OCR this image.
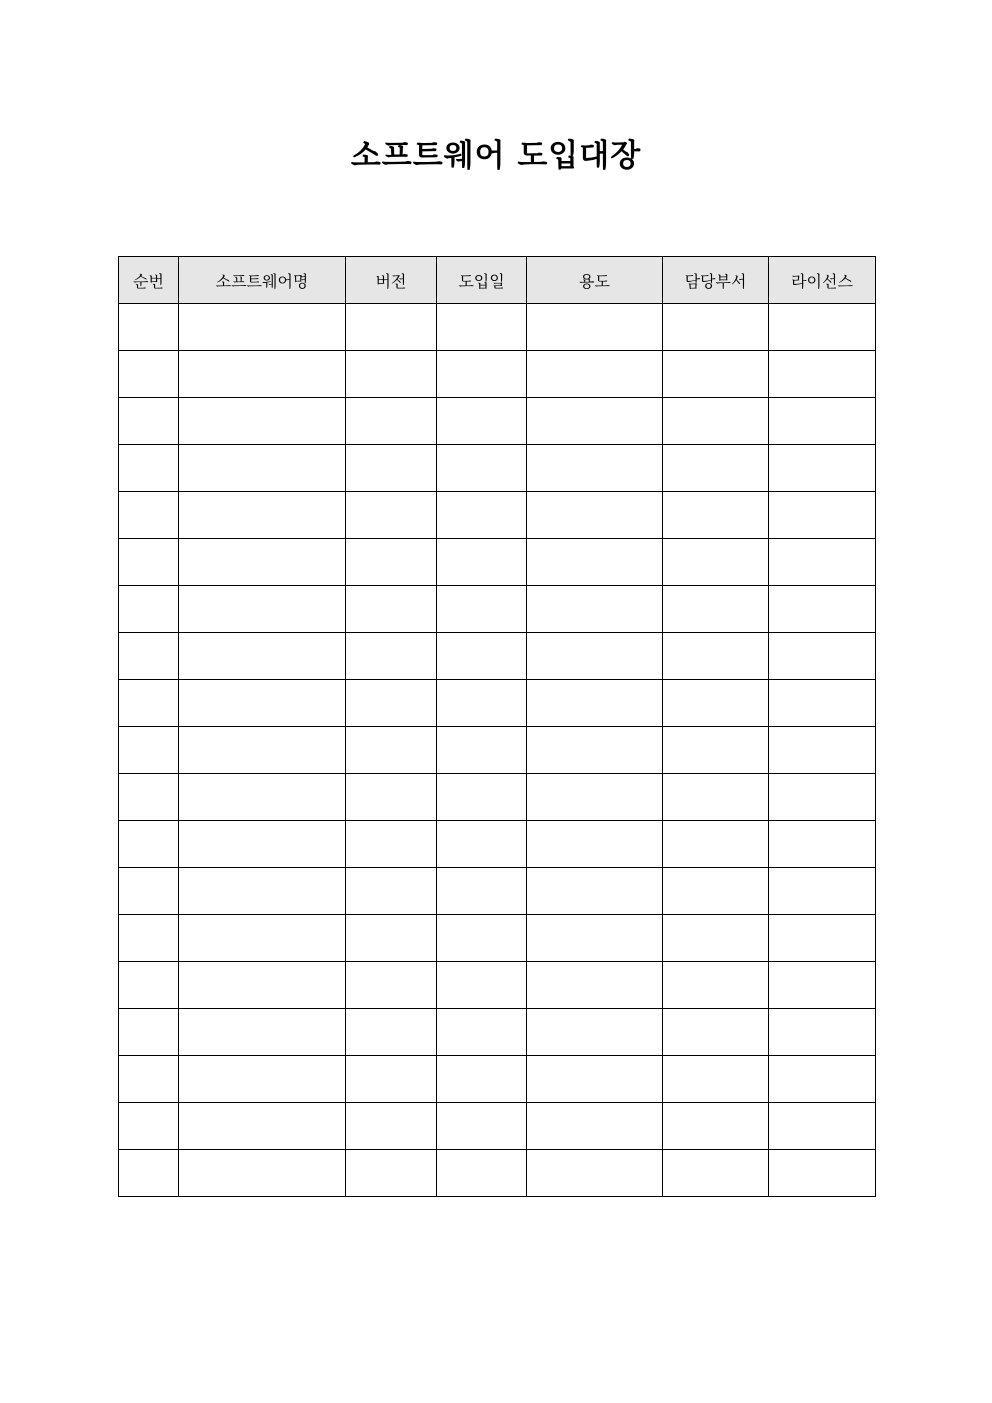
소프트웨어 도입대장
순번	소프트웨어명	버전	도입일	용도	담당부서	라이선스
